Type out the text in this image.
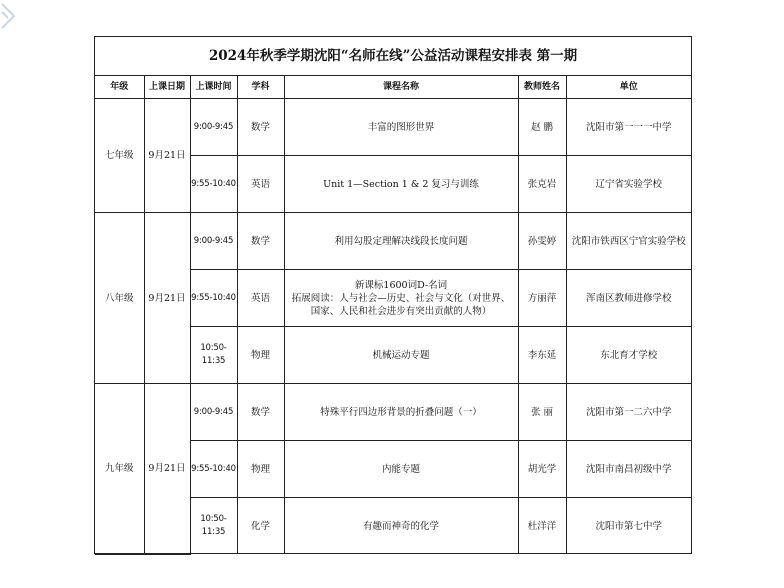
2024年秋季学期沈阳“名师在线”公益活动课程安排表 第一期
年级	上课日期	上课时间	学科	课程名称	教师姓名	单位
七年级	9月21日	9:00-9:45	数学	丰富的图形世界	赵 鹏	沈阳市第一一一中学
		9:55-10:40	英语	Unit 1—Section 1 & 2 复习与训练	张克岩	辽宁省实验学校
八年级	9月21日	9:00-9:45	数学	利用勾股定理解决线段长度问题	孙雯婷	沈阳市铁西区宁官实验学校
		9:55-10:40	英语	新课标1600词D-名词
拓展阅读：人与社会—历史、社会与文化（对世界、
国家、人民和社会进步有突出贡献的人物）	方丽萍	浑南区教师进修学校
		10:50-11:35	物理	机械运动专题	李东延	东北育才学校
九年级	9月21日	9:00-9:45	数学	特殊平行四边形背景的折叠问题（一）	张 丽	沈阳市第一二六中学
		9:55-10:40	物理	内能专题	胡光学	沈阳市南昌初级中学
		10:50-11:35	化学	有趣而神奇的化学	杜洋洋	沈阳市第七中学
